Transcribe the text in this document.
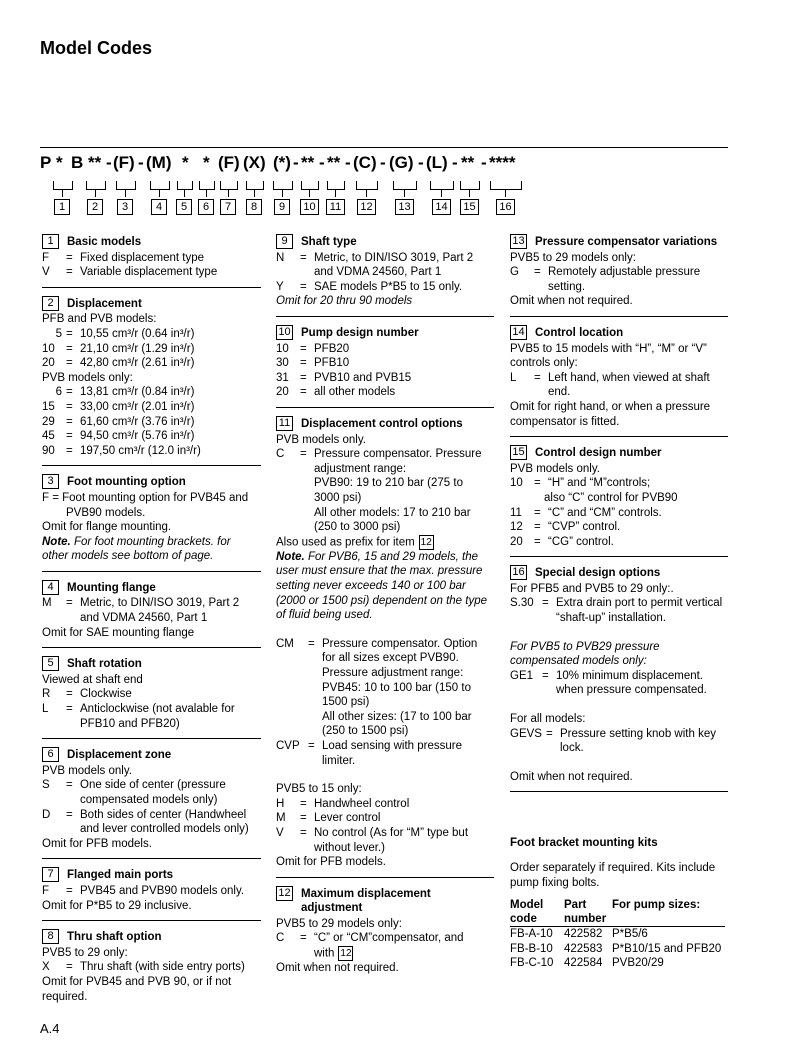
Model Codes
P * B ** - (F) - (M) * * (F) (X) (*) - ** - ** - (C) - (G) - (L) - ** - ****
1	2	3	4	5	6	7	8	9	10	11	12	13	14	15	16
1	Basic models
F	= Fixed displacement type
V	= Variable displacement type
2	Displacement
PFB and PVB models:
5 = 10,55 cm³/r (0.64 in³/r)
10 = 21,10 cm³/r (1.29 in³/r)
20 = 42,80 cm³/r (2.61 in³/r)
PVB models only:
6 = 13,81 cm³/r (0.84 in³/r)
15 = 33,00 cm³/r (2.01 in³/r)
29 = 61,60 cm³/r (3.76 in³/r)
45 = 94,50 cm³/r (5.76 in³/r)
90 = 197,50 cm³/r (12.0 in³/r)
3	Foot mounting option
F = Foot mounting option for PVB45 and
PVB90 models.
Omit for flange mounting.
Note. For foot mounting brackets. for
other models see bottom of page.
4	Mounting flange
M	= Metric, to DIN/ISO 3019, Part 2 and VDMA 24560, Part 1
Omit for SAE mounting flange
5	Shaft rotation
Viewed at shaft end
R	= Clockwise
L	= Anticlockwise (not avalable for PFB10 and PFB20)
6	Displacement zone
PVB models only.
S	= One side of center (pressure compensated models only)
D	= Both sides of center (Handwheel and lever controlled models only)
Omit for PFB models.
7	Flanged main ports
F	= PVB45 and PVB90 models only.
Omit for P*B5 to 29 inclusive.
8	Thru shaft option
PVB5 to 29 only:
X	= Thru shaft (with side entry ports)
Omit for PVB45 and PVB 90, or if not required.
9	Shaft type
N	= Metric, to DIN/ISO 3019, Part 2 and VDMA 24560, Part 1
Y	= SAE models P*B5 to 15 only.
Omit for 20 thru 90 models
10 Pump design number
10 = PFB20
30 = PFB10
31 = PVB10 and PVB15
20 = all other models
11 Displacement control options
PVB models only.
C	= Pressure compensator. Pressure
adjustment range:
PVB90: 19 to 210 bar (275 to
3000 psi)
All other models: 17 to 210 bar
(250 to 3000 psi)
Also used as prefix for item 12
Note. For PVB6, 15 and 29 models, the user must ensure that the max. pressure setting never exceeds 140 or 100 bar (2000 or 1500 psi) dependent on the type of fluid being used.
CM	= Pressure compensator. Option
for all sizes except PVB90.
Pressure adjustment range:
PVB45: 10 to 100 bar (150 to
1500 psi)
All other sizes: (17 to 100 bar
(250 to 1500 psi)
CVP = Load sensing with pressure
limiter.
PVB5 to 15 only:
H	= Handwheel control
M	= Lever control
V	= No control (As for “M” type but without lever.)
Omit for PFB models.
12 Maximum displacement adjustment
PVB5 to 29 models only:
C	= “C” or “CM”compensator, and
with 12
Omit when not required.
13 Pressure compensator variations
PVB5 to 29 models only:
G	= Remotely adjustable pressure setting.
Omit when not required.
14 Control location
PVB5 to 15 models with “H”, “M” or “V” controls only:
L	= Left hand, when viewed at shaft end.
Omit for right hand, or when a pressure compensator is fitted.
15 Control design number
PVB models only.
10 = “H” and “M”controls;
also “C” control for PVB90
11	= “C” and “CM” controls.
12 = “CVP” control.
20 = “CG” control.
16 Special design options
For PFB5 and PVB5 to 29 only:.
S.30 = Extra drain port to permit vertical “shaft-up” installation.
For PVB5 to PVB29 pressure compensated models only:
GE1 = 10% minimum displacement. when pressure compensated.
For all models:
GEVS = Pressure setting knob with key lock.
Omit when not required.
Foot bracket mounting kits
Order separately if required. Kits include pump fixing bolts.
Model code	Part number	For pump sizes:
FB-A-10	422582	P*B5/6
FB-B-10	422583	P*B10/15 and PFB20
FB-C-10	422584	PVB20/29
A.4
